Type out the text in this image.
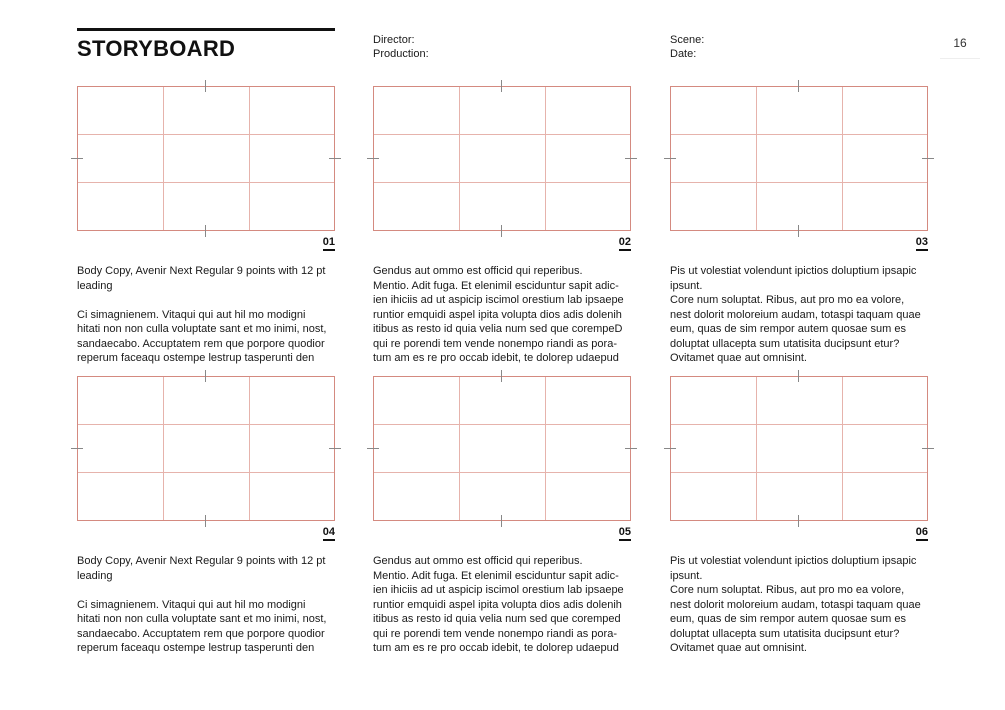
STORYBOARD	Director:
Production:
Scene:
Date:
16
01

Body Copy, Avenir Next Regular 9 points with 12 pt
leading

Ci simagnienem. Vitaqui qui aut hil mo modigni
hitati non non culla voluptate sant et mo inimi, nost,
sandaecabo. Accuptatem rem que porpore quodior
reperum faceaqu ostempe lestrup tasperunti den

02

Gendus aut ommo est officid qui reperibus.
Mentio. Adit fuga. Et elenimil esciduntur sapit adic-
ien ihiciis ad ut aspicip iscimol orestium lab ipsaepe
runtior emquidi aspel ipita volupta dios adis dolenih
itibus as resto id quia velia num sed que corempeD
qui re porendi tem vende nonempo riandi as pora-
tum am es re pro occab idebit, te dolorep udaepud

03

Pis ut volestiat volendunt ipictios doluptium ipsapic
ipsunt.
Core num soluptat. Ribus, aut pro mo ea volore,
nest dolorit moloreium audam, totaspi taquam quae
eum, quas de sim rempor autem quosae sum es
doluptat ullacepta sum utatisita ducipsunt etur?
Ovitamet quae aut omnisint.

04

Body Copy, Avenir Next Regular 9 points with 12 pt
leading

Ci simagnienem. Vitaqui qui aut hil mo modigni
hitati non non culla voluptate sant et mo inimi, nost,
sandaecabo. Accuptatem rem que porpore quodior
reperum faceaqu ostempe lestrup tasperunti den

05

Gendus aut ommo est officid qui reperibus.
Mentio. Adit fuga. Et elenimil esciduntur sapit adic-
ien ihiciis ad ut aspicip iscimol orestium lab ipsaepe
runtior emquidi aspel ipita volupta dios adis dolenih
itibus as resto id quia velia num sed que coremped
qui re porendi tem vende nonempo riandi as pora-
tum am es re pro occab idebit, te dolorep udaepud

06

Pis ut volestiat volendunt ipictios doluptium ipsapic
ipsunt.
Core num soluptat. Ribus, aut pro mo ea volore,
nest dolorit moloreium audam, totaspi taquam quae
eum, quas de sim rempor autem quosae sum es
doluptat ullacepta sum utatisita ducipsunt etur?
Ovitamet quae aut omnisint.
